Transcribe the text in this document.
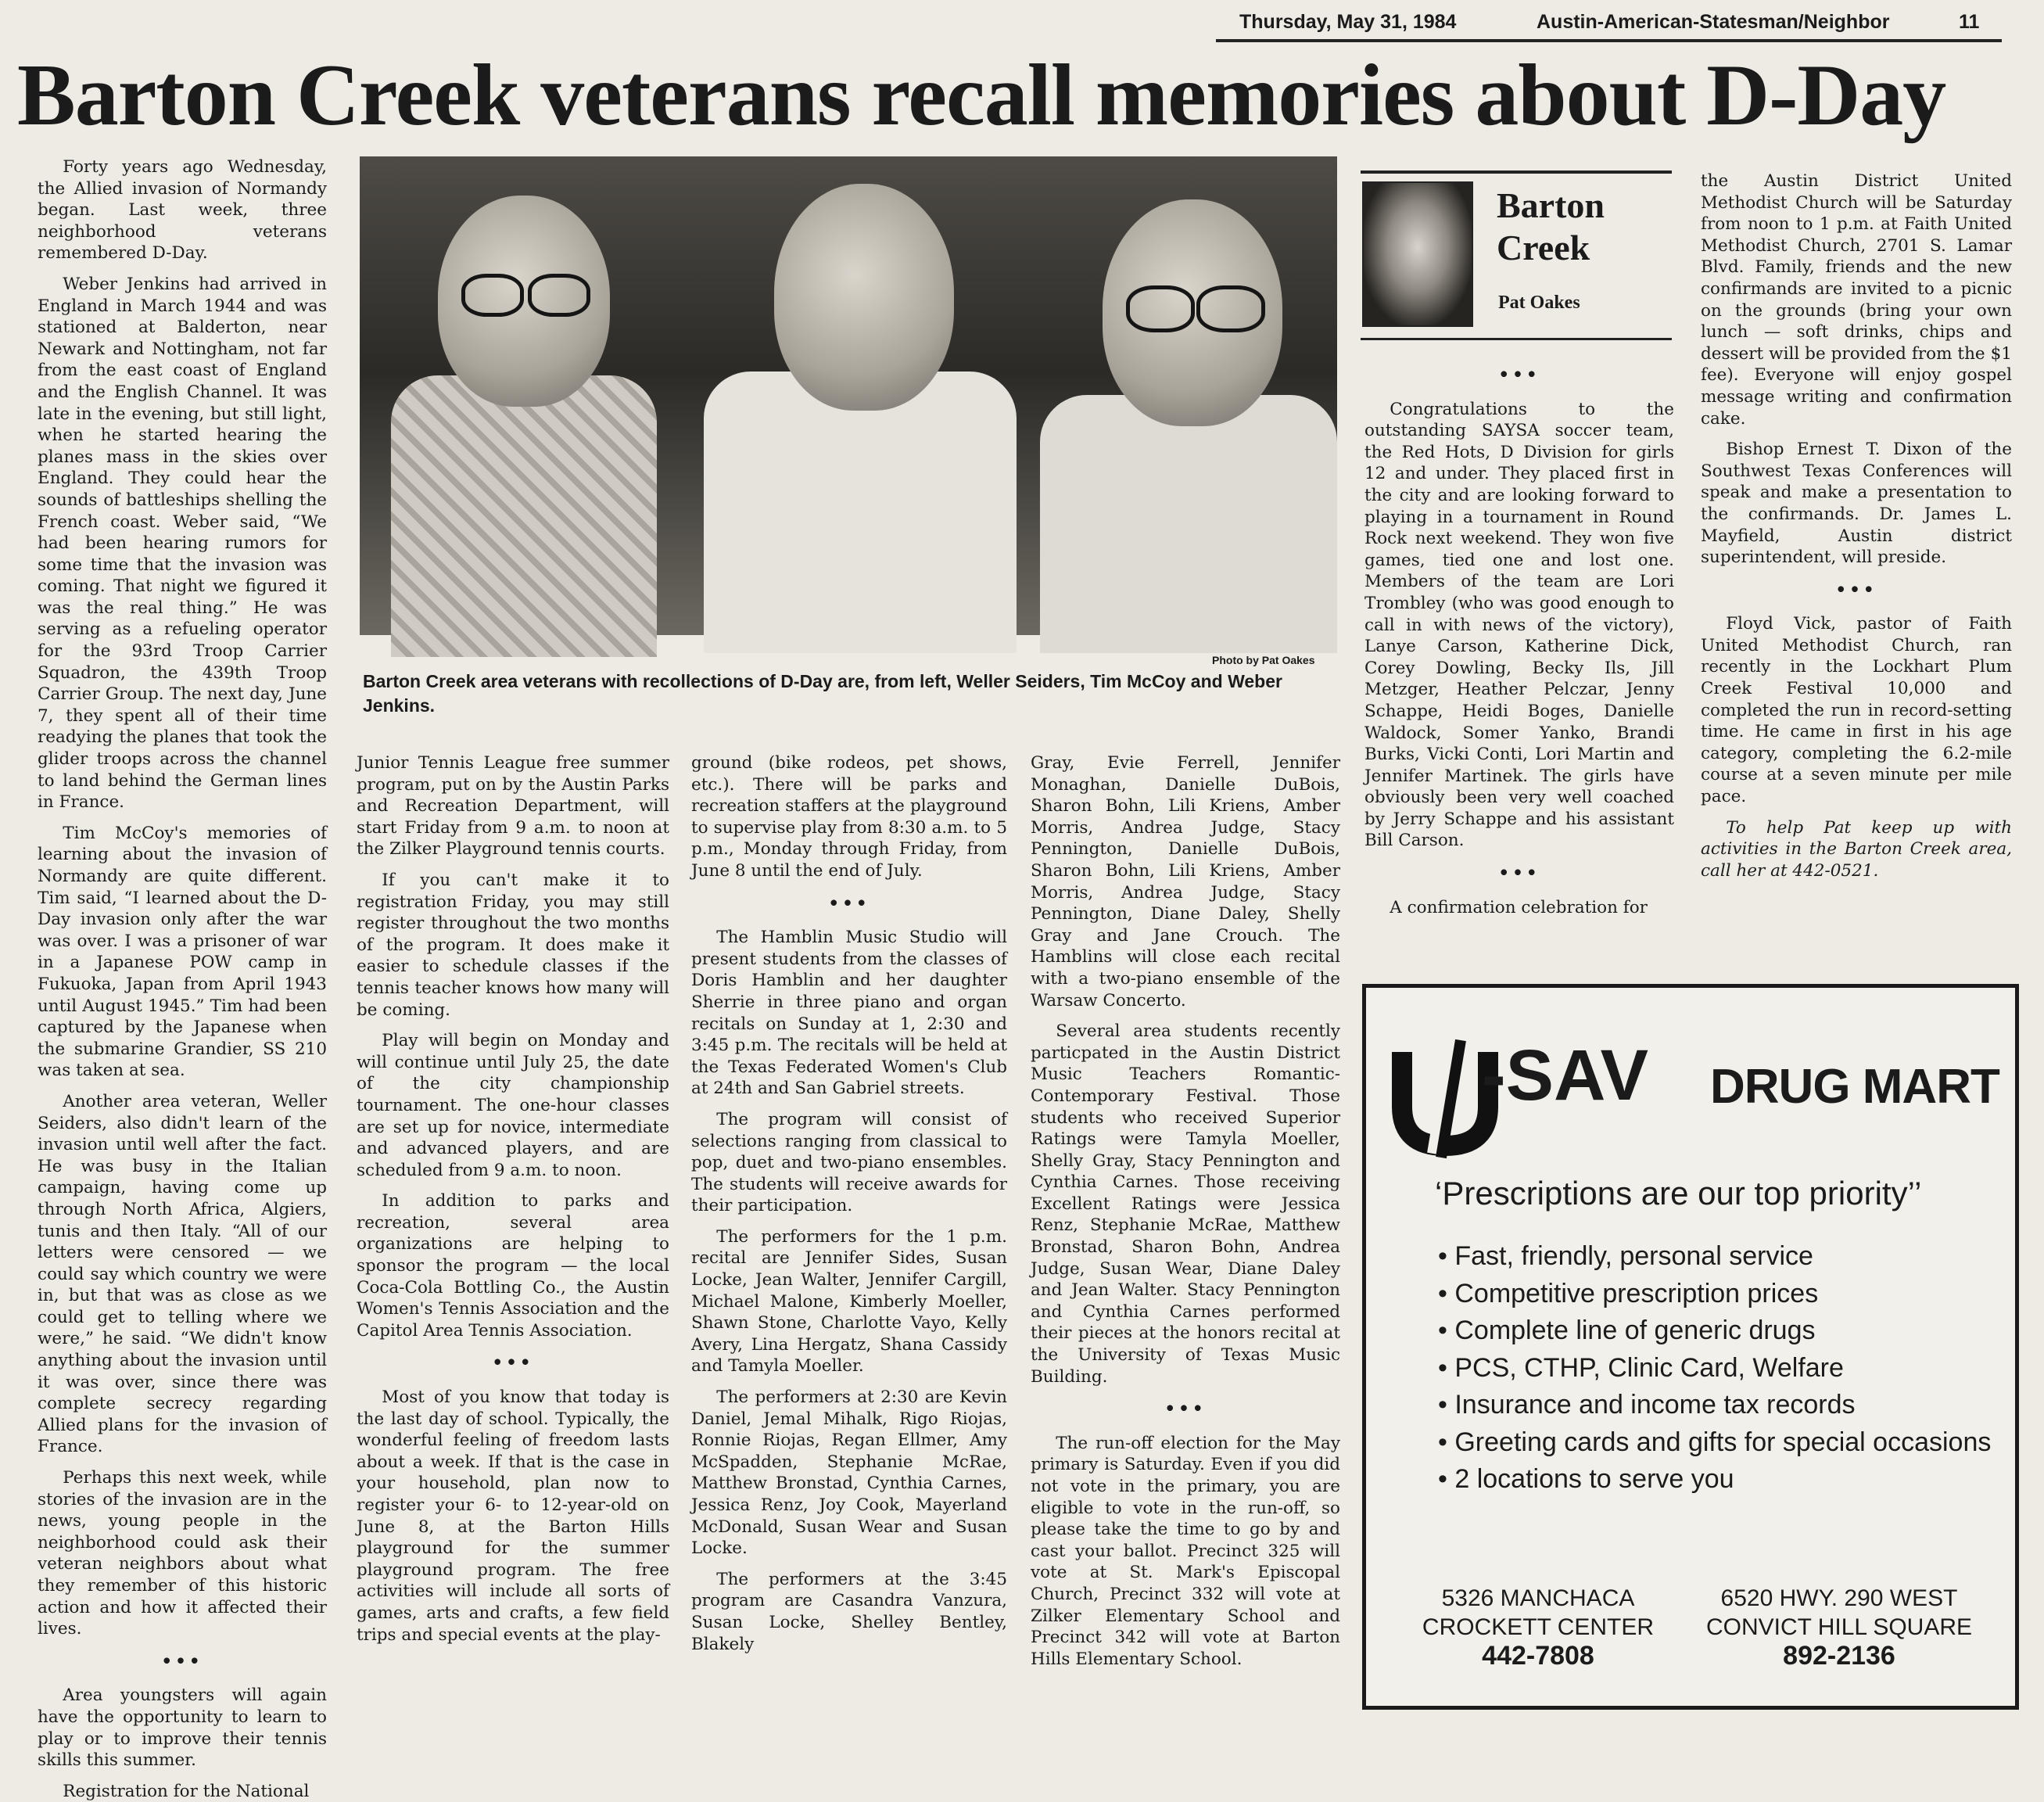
Thursday, May 31, 1984	Austin-American-Statesman/Neighbor	11
Barton Creek veterans recall memories about D-Day
Photo by Pat Oakes
Barton Creek area veterans with recollections of D-Day are, from left, Weller Seiders, Tim McCoy and Weber Jenkins.

Forty years ago Wednesday, the Allied invasion of Normandy began. Last week, three neighborhood veterans remembered D-Day.

Weber Jenkins had arrived in England in March 1944 and was stationed at Balderton, near Newark and Nottingham, not far from the east coast of England and the English Channel. It was late in the evening, but still light, when he started hearing the planes mass in the skies over England. They could hear the sounds of battleships shelling the French coast. Weber said, “We had been hearing rumors for some time that the invasion was coming. That night we figured it was the real thing.” He was serving as a refueling operator for the 93rd Troop Carrier Squadron, the 439th Troop Carrier Group. The next day, June 7, they spent all of their time readying the planes that took the glider troops across the channel to land behind the German lines in France.

Tim McCoy's memories of learning about the invasion of Normandy are quite different. Tim said, “I learned about the D-Day invasion only after the war was over. I was a prisoner of war in a Japanese POW camp in Fukuoka, Japan from April 1943 until August 1945.” Tim had been captured by the Japanese when the submarine Grandier, SS 210 was taken at sea.

Another area veteran, Weller Seiders, also didn't learn of the invasion until well after the fact. He was busy in the Italian campaign, having come up through North Africa, Algiers, tunis and then Italy. “All of our letters were censored — we could say which country we were in, but that was as close as we could get to telling where we were,” he said. “We didn't know anything about the invasion until it was over, since there was complete secrecy regarding Allied plans for the invasion of France.

Perhaps this next week, while stories of the invasion are in the news, young people in the neighborhood could ask their veteran neighbors about what they remember of this historic action and how it affected their lives.

•••

Area youngsters will again have the opportunity to learn to play or to improve their tennis skills this summer.

Registration for the National

Junior Tennis League free summer program, put on by the Austin Parks and Recreation Department, will start Friday from 9 a.m. to noon at the Zilker Playground tennis courts.

If you can't make it to registration Friday, you may still register throughout the two months of the program. It does make it easier to schedule classes if the tennis teacher knows how many will be coming.

Play will begin on Monday and will continue until July 25, the date of the city championship tournament. The one-hour classes are set up for novice, intermediate and advanced players, and are scheduled from 9 a.m. to noon.

In addition to parks and recreation, several area organizations are helping to sponsor the program — the local Coca-Cola Bottling Co., the Austin Women's Tennis Association and the Capitol Area Tennis Association.

•••

Most of you know that today is the last day of school. Typically, the wonderful feeling of freedom lasts about a week. If that is the case in your household, plan now to register your 6- to 12-year-old on June 8, at the Barton Hills playground for the summer playground program. The free activities will include all sorts of games, arts and crafts, a few field trips and special events at the play-

ground (bike rodeos, pet shows, etc.). There will be parks and recreation staffers at the playground to supervise play from 8:30 a.m. to 5 p.m., Monday through Friday, from June 8 until the end of July.

•••

The Hamblin Music Studio will present students from the classes of Doris Hamblin and her daughter Sherrie in three piano and organ recitals on Sunday at 1, 2:30 and 3:45 p.m. The recitals will be held at the Texas Federated Women's Club at 24th and San Gabriel streets.

The program will consist of selections ranging from classical to pop, duet and two-piano ensembles. The students will receive awards for their participation.

The performers for the 1 p.m. recital are Jennifer Sides, Susan Locke, Jean Walter, Jennifer Cargill, Michael Malone, Kimberly Moeller, Shawn Stone, Charlotte Vayo, Kelly Avery, Lina Hergatz, Shana Cassidy and Tamyla Moeller.

The performers at 2:30 are Kevin Daniel, Jemal Mihalk, Rigo Riojas, Ronnie Riojas, Regan Ellmer, Amy McSpadden, Stephanie McRae, Matthew Bronstad, Cynthia Carnes, Jessica Renz, Joy Cook, Mayerland McDonald, Susan Wear and Susan Locke.

The performers at the 3:45 program are Casandra Vanzura, Susan Locke, Shelley Bentley, Blakely

Gray, Evie Ferrell, Jennifer Monaghan, Danielle DuBois, Sharon Bohn, Lili Kriens, Amber Morris, Andrea Judge, Stacy Pennington, Danielle DuBois, Sharon Bohn, Lili Kriens, Amber Morris, Andrea Judge, Stacy Pennington, Diane Daley, Shelly Gray and Jane Crouch. The Hamblins will close each recital with a two-piano ensemble of the Warsaw Concerto.

Several area students recently particpated in the Austin District Music Teachers Romantic-Contemporary Festival. Those students who received Superior Ratings were Tamyla Moeller, Shelly Gray, Stacy Pennington and Cynthia Carnes. Those receiving Excellent Ratings were Jessica Renz, Stephanie McRae, Matthew Bronstad, Sharon Bohn, Andrea Judge, Susan Wear, Diane Daley and Jean Walter. Stacy Pennington and Cynthia Carnes performed their pieces at the honors recital at the University of Texas Music Building.

•••

The run-off election for the May primary is Saturday. Even if you did not vote in the primary, you are eligible to vote in the run-off, so please take the time to go by and cast your ballot. Precinct 325 will vote at St. Mark's Episcopal Church, Precinct 332 will vote at Zilker Elementary School and Precinct 342 will vote at Barton Hills Elementary School.

Barton
Creek
Pat Oakes

•••

Congratulations to the outstanding SAYSA soccer team, the Red Hots, D Division for girls 12 and under. They placed first in the city and are looking forward to playing in a tournament in Round Rock next weekend. They won five games, tied one and lost one. Members of the team are Lori Trombley (who was good enough to call in with news of the victory), Lanye Carson, Katherine Dick, Corey Dowling, Becky Ils, Jill Metzger, Heather Pelczar, Jenny Schappe, Heidi Boges, Danielle Waldock, Somer Yanko, Brandi Burks, Vicki Conti, Lori Martin and Jennifer Martinek. The girls have obviously been very well coached by Jerry Schappe and his assistant Bill Carson.

•••

A confirmation celebration for

the Austin District United Methodist Church will be Saturday from noon to 1 p.m. at Faith United Methodist Church, 2701 S. Lamar Blvd. Family, friends and the new confirmands are invited to a picnic on the grounds (bring your own lunch — soft drinks, chips and dessert will be provided from the $1 fee). Everyone will enjoy gospel message writing and confirmation cake.

Bishop Ernest T. Dixon of the Southwest Texas Conferences will speak and make a presentation to the confirmands. Dr. James L. Mayfield, Austin district superintendent, will preside.

•••

Floyd Vick, pastor of Faith United Methodist Church, ran recently in the Lockhart Plum Creek Festival 10,000 and completed the run in record-setting time. He came in first in his age category, completing the 6.2-mile course at a seven minute per mile pace.

To help Pat keep up with activities in the Barton Creek area, call her at 442-0521.

-SAV DRUG MART
‘Prescriptions are our top priority’’
• Fast, friendly, personal service
• Competitive prescription prices
• Complete line of generic drugs
• PCS, CTHP, Clinic Card, Welfare
• Insurance and income tax records
• Greeting cards and gifts for special occasions
• 2 locations to serve you
5326 MANCHACA
CROCKETT CENTER
442-7808
6520 HWY. 290 WEST
CONVICT HILL SQUARE
892-2136
